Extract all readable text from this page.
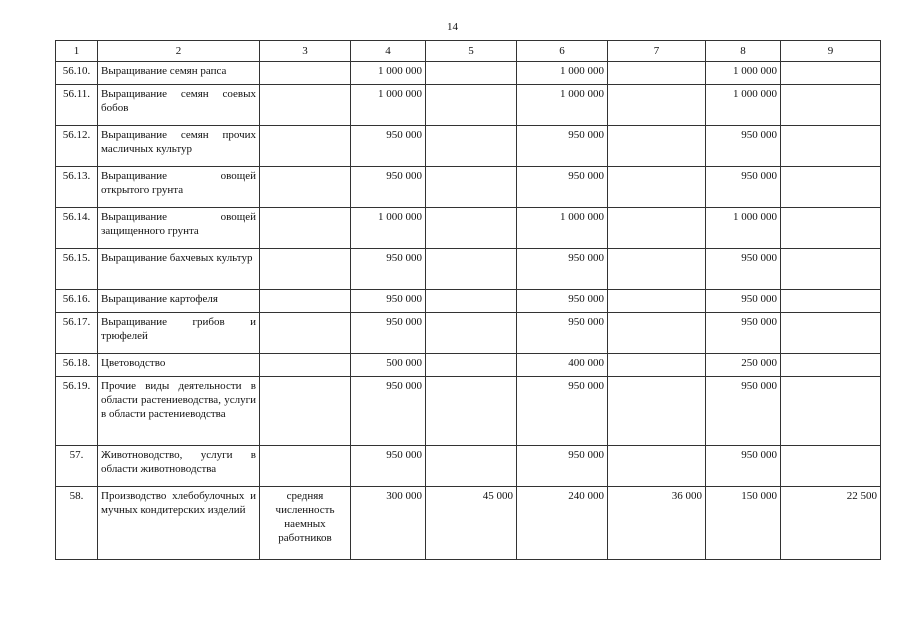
14
1	2	3	4	5	6	7	8	9
56.10.	Выращивание семян рапса		1 000 000		1 000 000		1 000 000	
56.11.	Выращивание семян соевых бобов		1 000 000		1 000 000		1 000 000	
56.12.	Выращивание семян прочих масличных культур		950 000		950 000		950 000	
56.13.	Выращивание овощей открытого грунта		950 000		950 000		950 000	
56.14.	Выращивание овощей защищенного грунта		1 000 000		1 000 000		1 000 000	
56.15.	Выращивание бахчевых культур		950 000		950 000		950 000	
56.16.	Выращивание картофеля		950 000		950 000		950 000	
56.17.	Выращивание грибов и трюфелей		950 000		950 000		950 000	
56.18.	Цветоводство		500 000		400 000		250 000	
56.19.	Прочие виды деятельности в области растениеводства, услуги в области растениеводства		950 000		950 000		950 000	
57.	Животноводство, услуги в области животноводства		950 000		950 000		950 000	
58.	Производство хлебобулочных и мучных кондитерских изделий	средняя численность наемных работников	300 000	45 000	240 000	36 000	150 000	22 500
